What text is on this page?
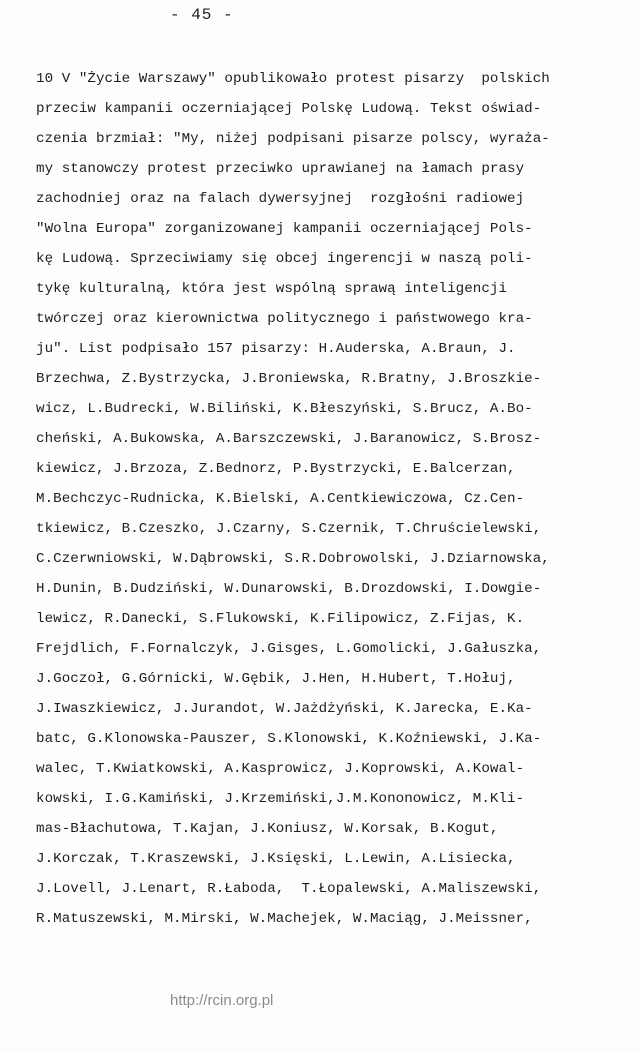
- 45 -
10 V "Życie Warszawy" opublikowało protest pisarzy  polskich
przeciw kampanii oczerniającej Polskę Ludową. Tekst oświad-
czenia brzmiał: "My, niżej podpisani pisarze polscy, wyraża-
my stanowczy protest przeciwko uprawianej na łamach prasy
zachodniej oraz na falach dywersyjnej  rozgłośni radiowej
"Wolna Europa" zorganizowanej kampanii oczerniającej Pols-
kę Ludową. Sprzeciwiamy się obcej ingerencji w naszą poli-
tykę kulturalną, która jest wspólną sprawą inteligencji
twórczej oraz kierownictwa politycznego i państwowego kra-
ju". List podpisało 157 pisarzy: H.Auderska, A.Braun, J.
Brzechwa, Z.Bystrzycka, J.Broniewska, R.Bratny, J.Broszkie-
wicz, L.Budrecki, W.Biliński, K.Błeszyński, S.Brucz, A.Bo-
cheński, A.Bukowska, A.Barszczewski, J.Baranowicz, S.Brosz-
kiewicz, J.Brzoza, Z.Bednorz, P.Bystrzycki, E.Balcerzan,
M.Bechczyc-Rudnicka, K.Bielski, A.Centkiewiczowa, Cz.Cen-
tkiewicz, B.Czeszko, J.Czarny, S.Czernik, T.Chruścielewski,
C.Czerwniowski, W.Dąbrowski, S.R.Dobrowolski, J.Dziarnowska,
H.Dunin, B.Dudziński, W.Dunarowski, B.Drozdowski, I.Dowgie-
lewicz, R.Danecki, S.Flukowski, K.Filipowicz, Z.Fijas, K.
Frejdlich, F.Fornalczyk, J.Gisges, L.Gomolicki, J.Gałuszka,
J.Goczoł, G.Górnicki, W.Gębik, J.Hen, H.Hubert, T.Hołuj,
J.Iwaszkiewicz, J.Jurandot, W.Jażdżyński, K.Jarecka, E.Ka-
batc, G.Klonowska-Pauszer, S.Klonowski, K.Koźniewski, J.Ka-
walec, T.Kwiatkowski, A.Kasprowicz, J.Koprowski, A.Kowal-
kowski, I.G.Kamiński, J.Krzemiński,J.M.Kononowicz, M.Kli-
mas-Błachutowa, T.Kajan, J.Koniusz, W.Korsak, B.Kogut,
J.Korczak, T.Kraszewski, J.Księski, L.Lewin, A.Lisiecka,
J.Lovell, J.Lenart, R.Łaboda,  T.Łopalewski, A.Maliszewski,
R.Matuszewski, M.Mirski, W.Machejek, W.Maciąg, J.Meissner,
http://rcin.org.pl
